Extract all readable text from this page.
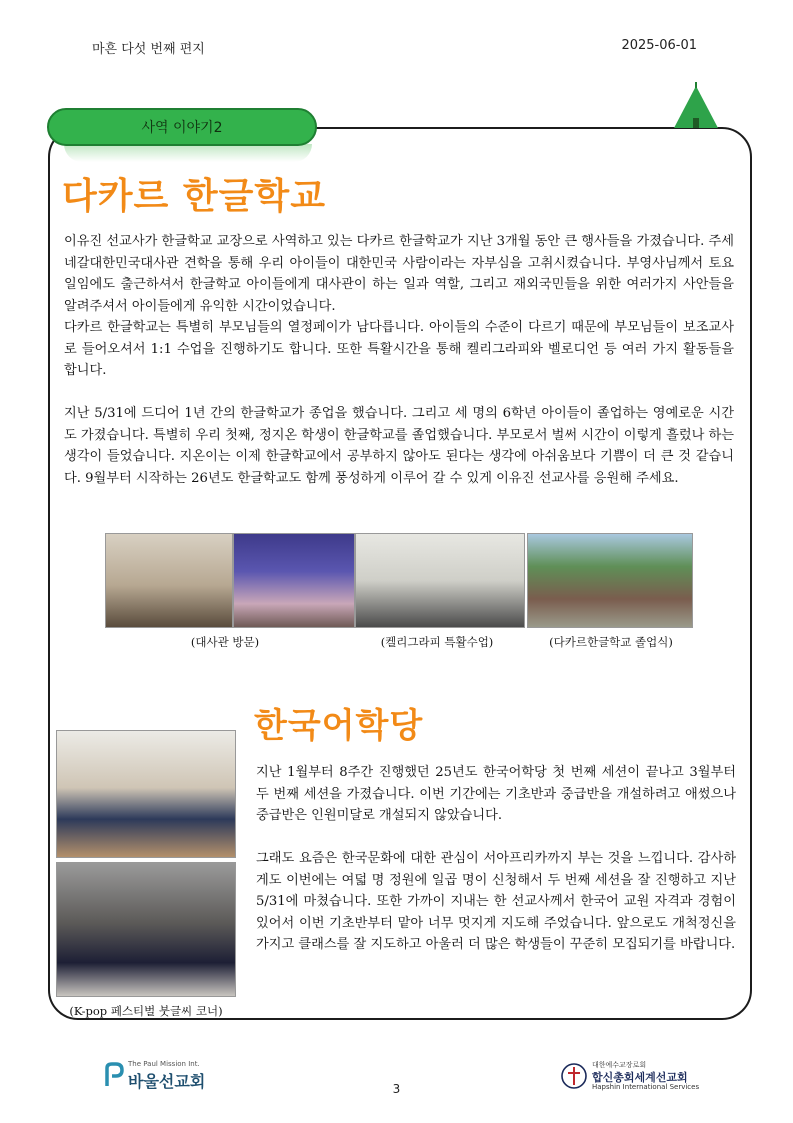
마흔 다섯 번째 편지	2025-06-01
사역 이야기2
다카르 한글학교
이유진 선교사가 한글학교 교장으로 사역하고 있는 다카르 한글학교가 지난 3개월 동안 큰 행사들을 가졌습니다. 주세네갈대한민국대사관 견학을 통해 우리 아이들이 대한민국 사람이라는 자부심을 고취시켰습니다. 부영사님께서 토요일임에도 출근하셔서 한글학교 아이들에게 대사관이 하는 일과 역할, 그리고 재외국민들을 위한 여러가지 사안들을 알려주셔서 아이들에게 유익한 시간이었습니다.
다카르 한글학교는 특별히 부모님들의 열정페이가 남다릅니다. 아이들의 수준이 다르기 때문에 부모님들이 보조교사로 들어오셔서 1:1 수업을 진행하기도 합니다. 또한 특활시간을 통해 켈리그라피와 벨로디언 등 여러 가지 활동들을 합니다.
지난 5/31에 드디어 1년 간의 한글학교가 종업을 했습니다. 그리고 세 명의 6학년 아이들이 졸업하는 영예로운 시간도 가졌습니다. 특별히 우리 첫째, 정지온 학생이 한글학교를 졸업했습니다. 부모로서 벌써 시간이 이렇게 흘렀나 하는 생각이 들었습니다. 지온이는 이제 한글학교에서 공부하지 않아도 된다는 생각에 아쉬움보다 기쁨이 더 큰 것 같습니다. 9월부터 시작하는 26년도 한글학교도 함께 풍성하게 이루어 갈 수 있게 이유진 선교사를 응원해 주세요.
(대사관 방문)	(켈리그라피 특활수업)	(다카르한글학교 졸업식)
한국어학당
(K-pop 페스티벌 붓글씨 코너)
지난 1월부터 8주간 진행했던 25년도 한국어학당 첫 번째 세션이 끝나고 3월부터 두 번째 세션을 가졌습니다. 이번 기간에는 기초반과 중급반을 개설하려고 애썼으나 중급반은 인원미달로 개설되지 않았습니다.
그래도 요즘은 한국문화에 대한 관심이 서아프리카까지 부는 것을 느낍니다. 감사하게도 이번에는 여덟 명 정원에 일곱 명이 신청해서 두 번째 세션을 잘 진행하고 지난 5/31에 마쳤습니다. 또한 가까이 지내는 한 선교사께서 한국어 교원 자격과 경험이 있어서 이번 기초반부터 맡아 너무 멋지게 지도해 주었습니다. 앞으로도 개척정신을 가지고 클래스를 잘 지도하고 아울러 더 많은 학생들이 꾸준히 모집되기를 바랍니다.
The Paul Mission Int.
바울선교회	3
대한예수교장로회
합신총회세계선교회
Hapshin International Services
